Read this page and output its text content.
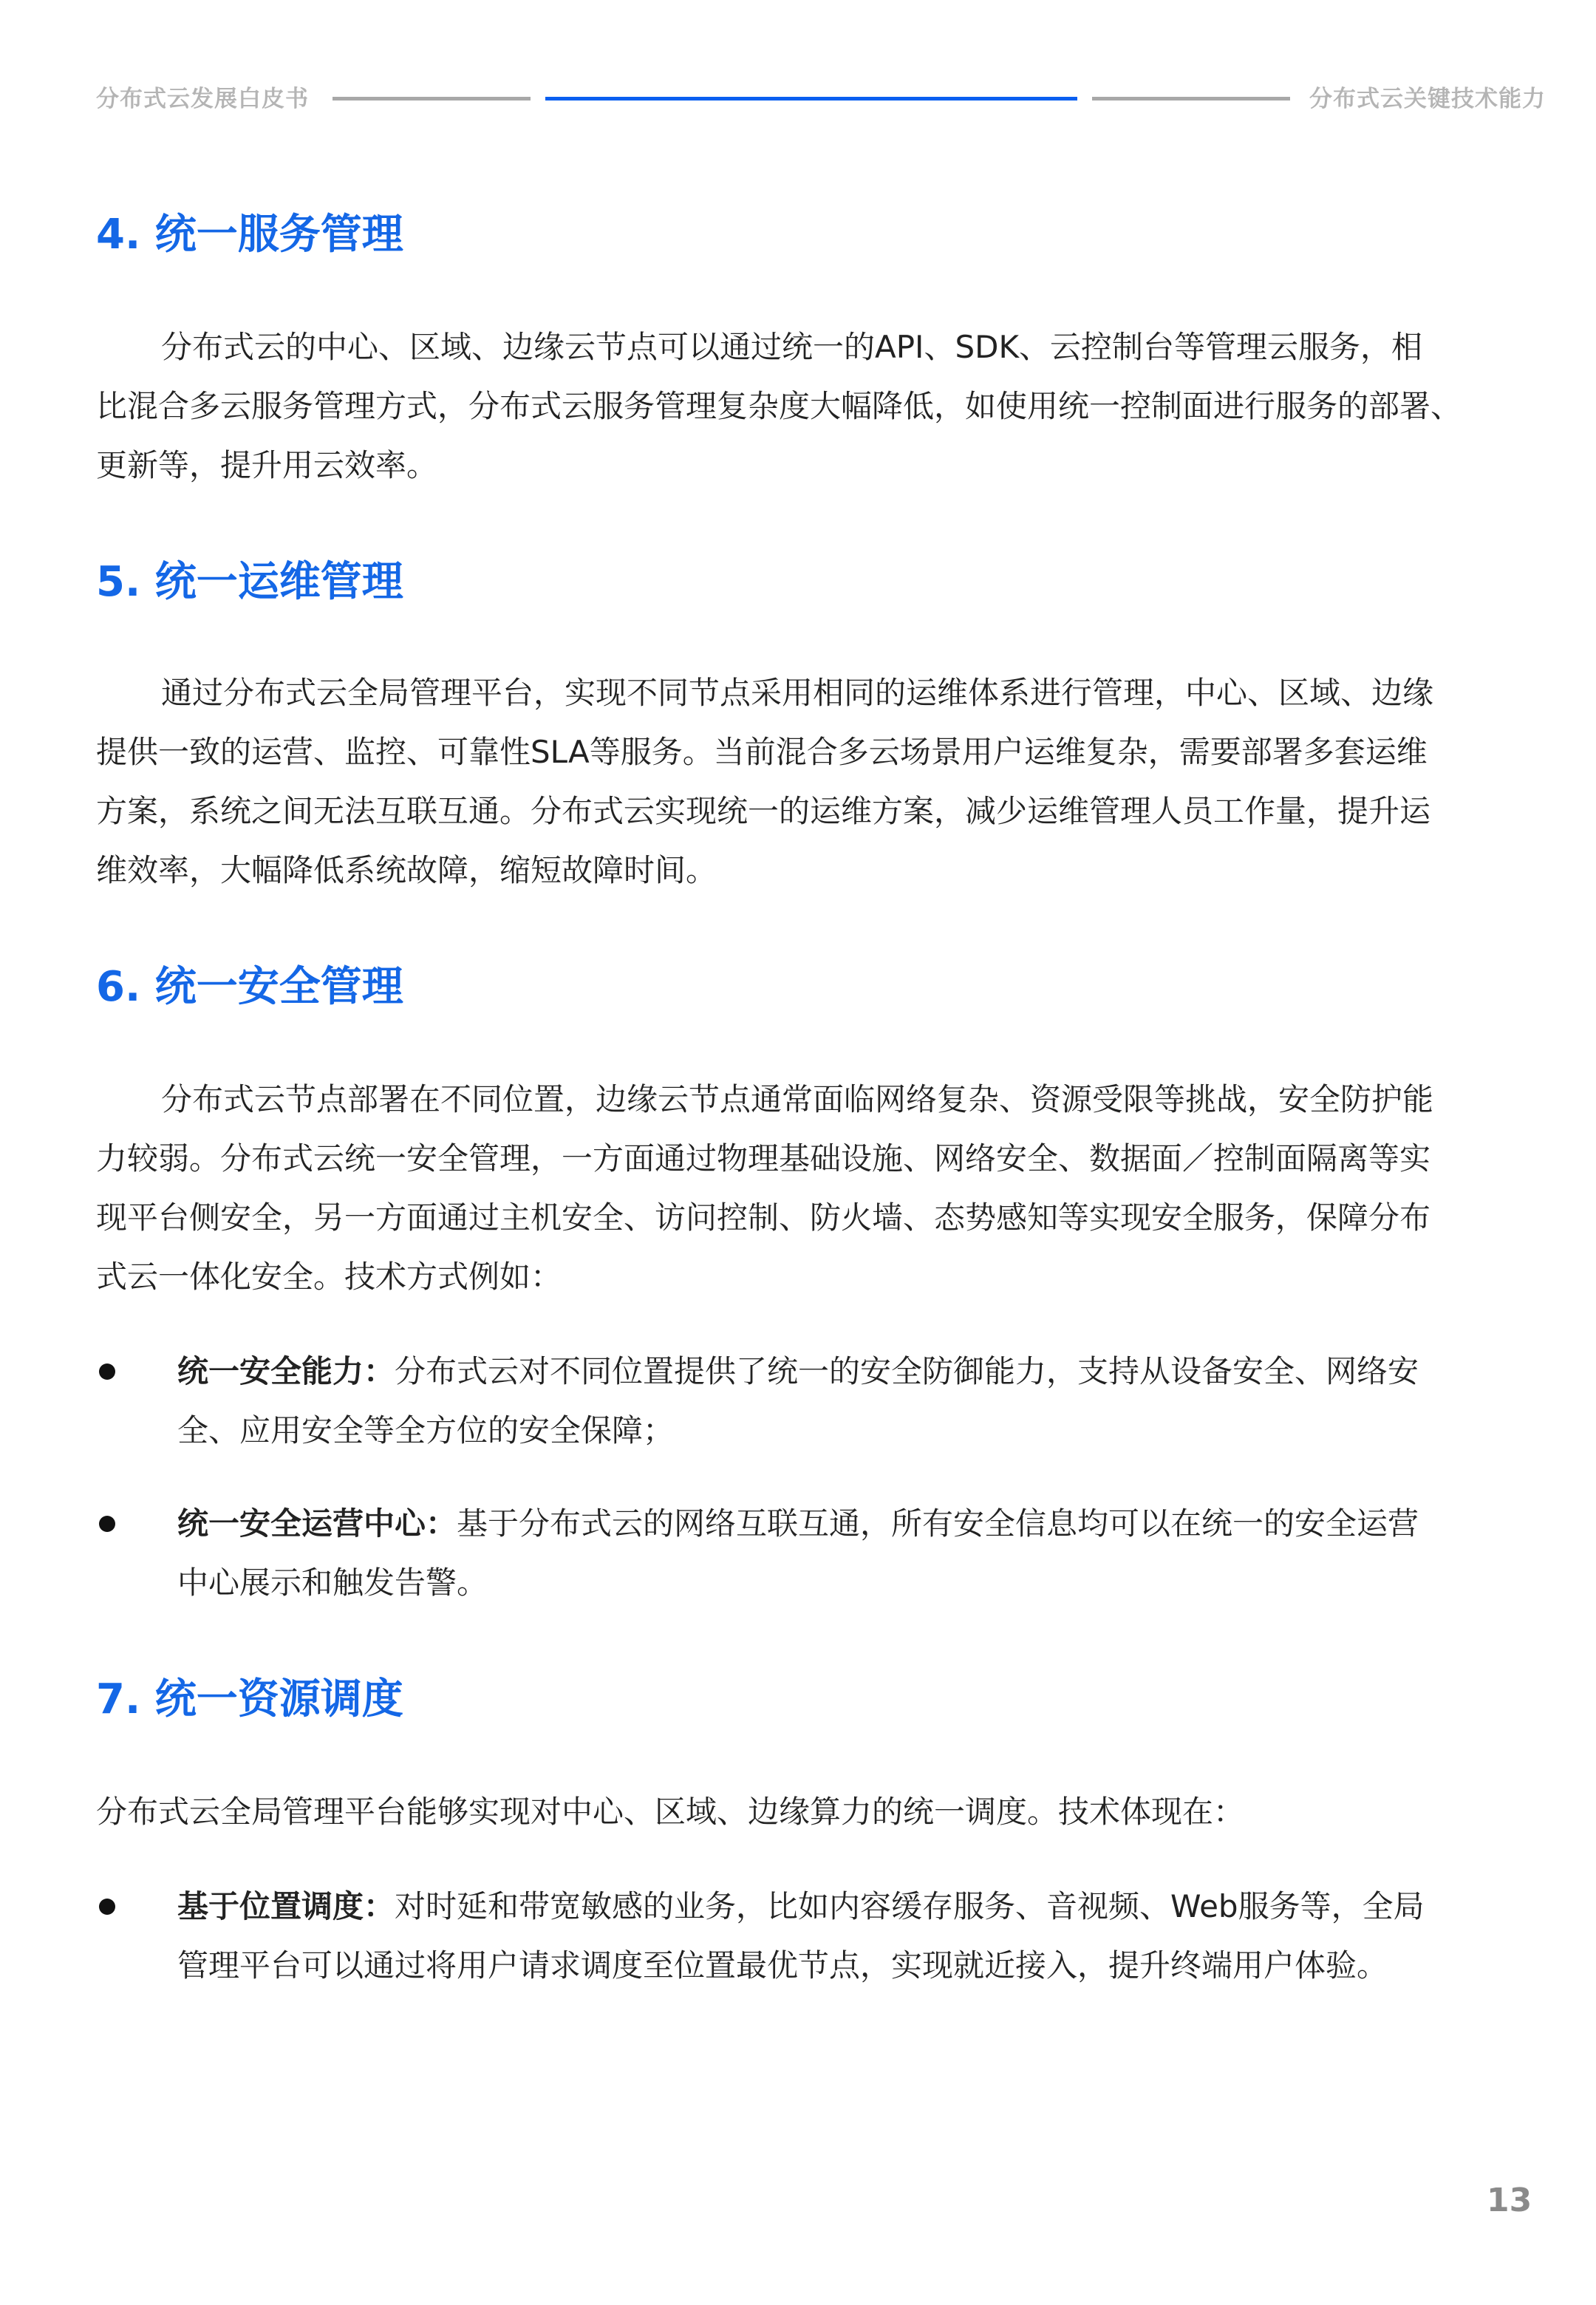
分布式云发展白皮书	分布式云关键技术能力
4. 统一服务管理
分布式云的中心、区域、边缘云节点可以通过统一的API、SDK、云控制台等管理云服务，相
比混合多云服务管理方式，分布式云服务管理复杂度大幅降低，如使用统一控制面进行服务的部署、
更新等，提升用云效率。
5. 统一运维管理
通过分布式云全局管理平台，实现不同节点采用相同的运维体系进行管理，中心、区域、边缘
提供一致的运营、监控、可靠性SLA等服务。当前混合多云场景用户运维复杂，需要部署多套运维
方案，系统之间无法互联互通。分布式云实现统一的运维方案，减少运维管理人员工作量，提升运
维效率，大幅降低系统故障，缩短故障时间。
6. 统一安全管理
分布式云节点部署在不同位置，边缘云节点通常面临网络复杂、资源受限等挑战，安全防护能
力较弱。分布式云统一安全管理，一方面通过物理基础设施、网络安全、数据面／控制面隔离等实
现平台侧安全，另一方面通过主机安全、访问控制、防火墙、态势感知等实现安全服务，保障分布
式云一体化安全。技术方式例如：
统一安全能力：分布式云对不同位置提供了统一的安全防御能力，支持从设备安全、网络安
全、应用安全等全方位的安全保障；
统一安全运营中心：基于分布式云的网络互联互通，所有安全信息均可以在统一的安全运营
中心展示和触发告警。
7. 统一资源调度
分布式云全局管理平台能够实现对中心、区域、边缘算力的统一调度。技术体现在：
基于位置调度：对时延和带宽敏感的业务，比如内容缓存服务、音视频、Web服务等，全局
管理平台可以通过将用户请求调度至位置最优节点，实现就近接入，提升终端用户体验。
13
